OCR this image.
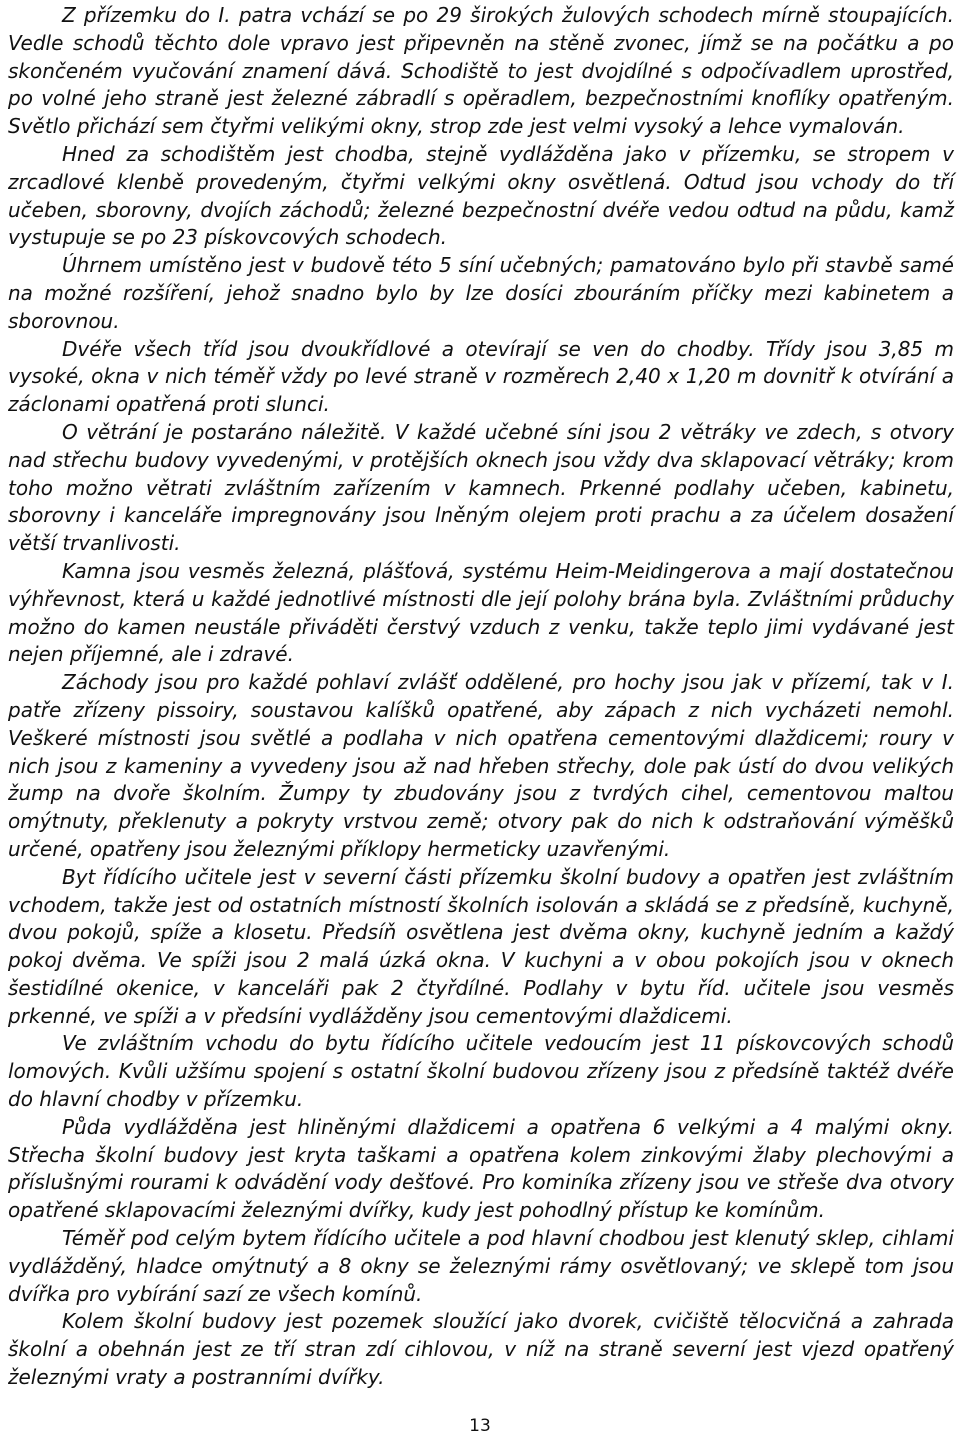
Z přízemku do I. patra vchází se po 29 širokých žulových schodech mírně stoupajících. Vedle schodů těchto dole vpravo jest připevněn na stěně zvonec, jímž se na počátku a po skončeném vyučování znamení dává. Schodiště to jest dvojdílné s odpočívadlem uprostřed, po volné jeho straně jest železné zábradlí s opěradlem, bezpečnostními knoflíky opatřeným. Světlo přichází sem čtyřmi velikými okny, strop zde jest velmi vysoký a lehce vymalován.

Hned za schodištěm jest chodba, stejně vydlážděna jako v přízemku, se stropem v zrcadlové klenbě provedeným, čtyřmi velkými okny osvětlená. Odtud jsou vchody do tří učeben, sborovny, dvojích záchodů; železné bezpečnostní dvéře vedou odtud na půdu, kamž vystupuje se po 23 pískovcových schodech.

Úhrnem umístěno jest v budově této 5 síní učebných; pamatováno bylo při stavbě samé na možné rozšíření, jehož snadno bylo by lze dosíci zbouráním příčky mezi kabinetem a sborovnou.

Dvéře všech tříd jsou dvoukřídlové a otevírají se ven do chodby. Třídy jsou 3,85 m vysoké, okna v nich téměř vždy po levé straně v rozměrech 2,40 x 1,20 m dovnitř k otvírání a záclonami opatřená proti slunci.

O větrání je postaráno náležitě. V každé učebné síni jsou 2 větráky ve zdech, s otvory nad střechu budovy vyvedenými, v protějších oknech jsou vždy dva sklapovací větráky; krom toho možno větrati zvláštním zařízením v kamnech. Prkenné podlahy učeben, kabinetu, sborovny i kanceláře impregnovány jsou lněným olejem proti prachu a za účelem dosažení větší trvanlivosti.

Kamna jsou vesměs železná, plášťová, systému Heim-Meidingerova a mají dostatečnou výhřevnost, která u každé jednotlivé místnosti dle její polohy brána byla. Zvláštními průduchy možno do kamen neustále přiváděti čerstvý vzduch z venku, takže teplo jimi vydávané jest nejen příjemné, ale i zdravé.

Záchody jsou pro každé pohlaví zvlášť oddělené, pro hochy jsou jak v přízemí, tak v I. patře zřízeny pissoiry, soustavou kalíšků opatřené, aby zápach z nich vycházeti nemohl. Veškeré místnosti jsou světlé a podlaha v nich opatřena cementovými dlaždicemi; roury v nich jsou z kameniny a vyvedeny jsou až nad hřeben střechy, dole pak ústí do dvou velikých žump na dvoře školním. Žumpy ty zbudovány jsou z tvrdých cihel, cementovou maltou omýtnuty, překlenuty a pokryty vrstvou země; otvory pak do nich k odstraňování výměšků určené, opatřeny jsou železnými příklopy hermeticky uzavřenými.

Byt řídícího učitele jest v severní části přízemku školní budovy a opatřen jest zvláštním vchodem, takže jest od ostatních místností školních isolován a skládá se z předsíně, kuchyně, dvou pokojů, spíže a klosetu. Předsíň osvětlena jest dvěma okny, kuchyně jedním a každý pokoj dvěma. Ve spíži jsou 2 malá úzká okna. V kuchyni a v obou pokojích jsou v oknech šestidílné okenice, v kanceláři pak 2 čtyřdílné. Podlahy v bytu říd. učitele jsou vesměs prkenné, ve spíži a v předsíni vydlážděny jsou cementovými dlaždicemi.

Ve zvláštním vchodu do bytu řídícího učitele vedoucím jest 11 pískovcových schodů lomových. Kvůli užšímu spojení s ostatní školní budovou zřízeny jsou z předsíně taktéž dvéře do hlavní chodby v přízemku.

Půda vydlážděna jest hliněnými dlaždicemi a opatřena 6 velkými a 4 malými okny. Střecha školní budovy jest kryta taškami a opatřena kolem zinkovými žlaby plechovými a příslušnými rourami k odvádění vody dešťové. Pro kominíka zřízeny jsou ve střeše dva otvory opatřené sklapovacími železnými dvířky, kudy jest pohodlný přístup ke komínům.

Téměř pod celým bytem řídícího učitele a pod hlavní chodbou jest klenutý sklep, cihlami vydlážděný, hladce omýtnutý a 8 okny se železnými rámy osvětlovaný; ve sklepě tom jsou dvířka pro vybírání sazí ze všech komínů.

Kolem školní budovy jest pozemek sloužící jako dvorek, cvičiště tělocvičná a zahrada školní a obehnán jest ze tří stran zdí cihlovou, v níž na straně severní jest vjezd opatřený železnými vraty a postranními dvířky.

13
